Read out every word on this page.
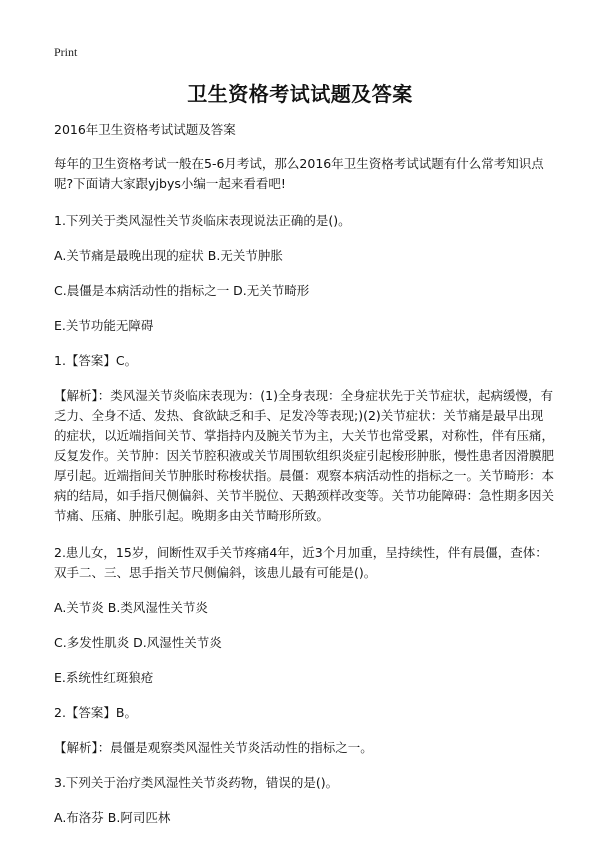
Print
卫生资格考试试题及答案

2016年卫生资格考试试题及答案

每年的卫生资格考试一般在5-6月考试，那么2016年卫生资格考试试题有什么常考知识点呢?下面请大家跟yjbys小编一起来看看吧!

1.下列关于类风湿性关节炎临床表现说法正确的是()。

A.关节痛是最晚出现的症状 B.无关节肿胀

C.晨僵是本病活动性的指标之一 D.无关节畸形

E.关节功能无障碍

1.【答案】C。

【解析】：类风湿关节炎临床表现为：(1)全身表现：全身症状先于关节症状，起病缓慢，有乏力、全身不适、发热、食欲缺乏和手、足发冷等表现;)(2)关节症状：关节痛是最早出现的症状，以近端指间关节、掌指持内及腕关节为主，大关节也常受累，对称性，伴有压痛，反复发作。关节肿：因关节腔积液或关节周围软组织炎症引起梭形肿胀，慢性患者因滑膜肥厚引起。近端指间关节肿胀时称梭状指。晨僵：观察本病活动性的指标之一。关节畸形：本病的结局，如手指尺侧偏斜、关节半脱位、天鹅颈样改变等。关节功能障碍：急性期多因关节痛、压痛、肿胀引起。晚期多由关节畸形所致。

2.患儿女，15岁，间断性双手关节疼痛4年，近3个月加重，呈持续性，伴有晨僵，查体：双手二、三、思手指关节尺侧偏斜，该患儿最有可能是()。

A.关节炎 B.类风湿性关节炎

C.多发性肌炎 D.风湿性关节炎

E.系统性红斑狼疮

2.【答案】B。

【解析】：晨僵是观察类风湿性关节炎活动性的指标之一。

3.下列关于治疗类风湿性关节炎药物，错误的是()。

A.布洛芬 B.阿司匹林
